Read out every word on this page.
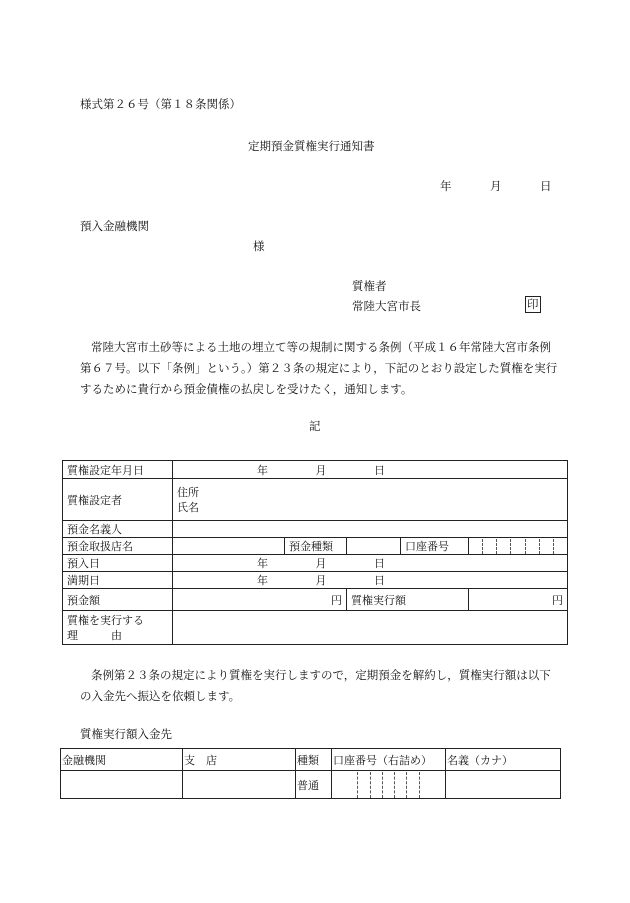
様式第２６号（第１８条関係）
定期預金質権実行通知書
年	月	日
預入金融機関
様
質権者
常陸大宮市長	印
常陸大宮市土砂等による土地の埋立て等の規制に関する条例（平成１６年常陸大宮市条例第６７号。以下「条例」という。）第２３条の規定により，下記のとおり設定した質権を実行するために貴行から預金債権の払戻しを受けたく，通知します。
記
質権設定年月日	年 月 日				

質権設定者	住所
氏名				

預金名義人					
預金取扱店名		預金種類		口座番号	

預入日	年 月 日				

満期日	年 月 日				

預金額	円		質権実行額		円

質権を実行する
理　　　由					

条例第２３条の規定により質権を実行しますので，定期預金を解約し，質権実行額は以下の入金先へ振込を依頼します。
質権実行額入金先
金融機関	支　店	種類	口座番号（右詰め）	名義（カナ）
		普通	
